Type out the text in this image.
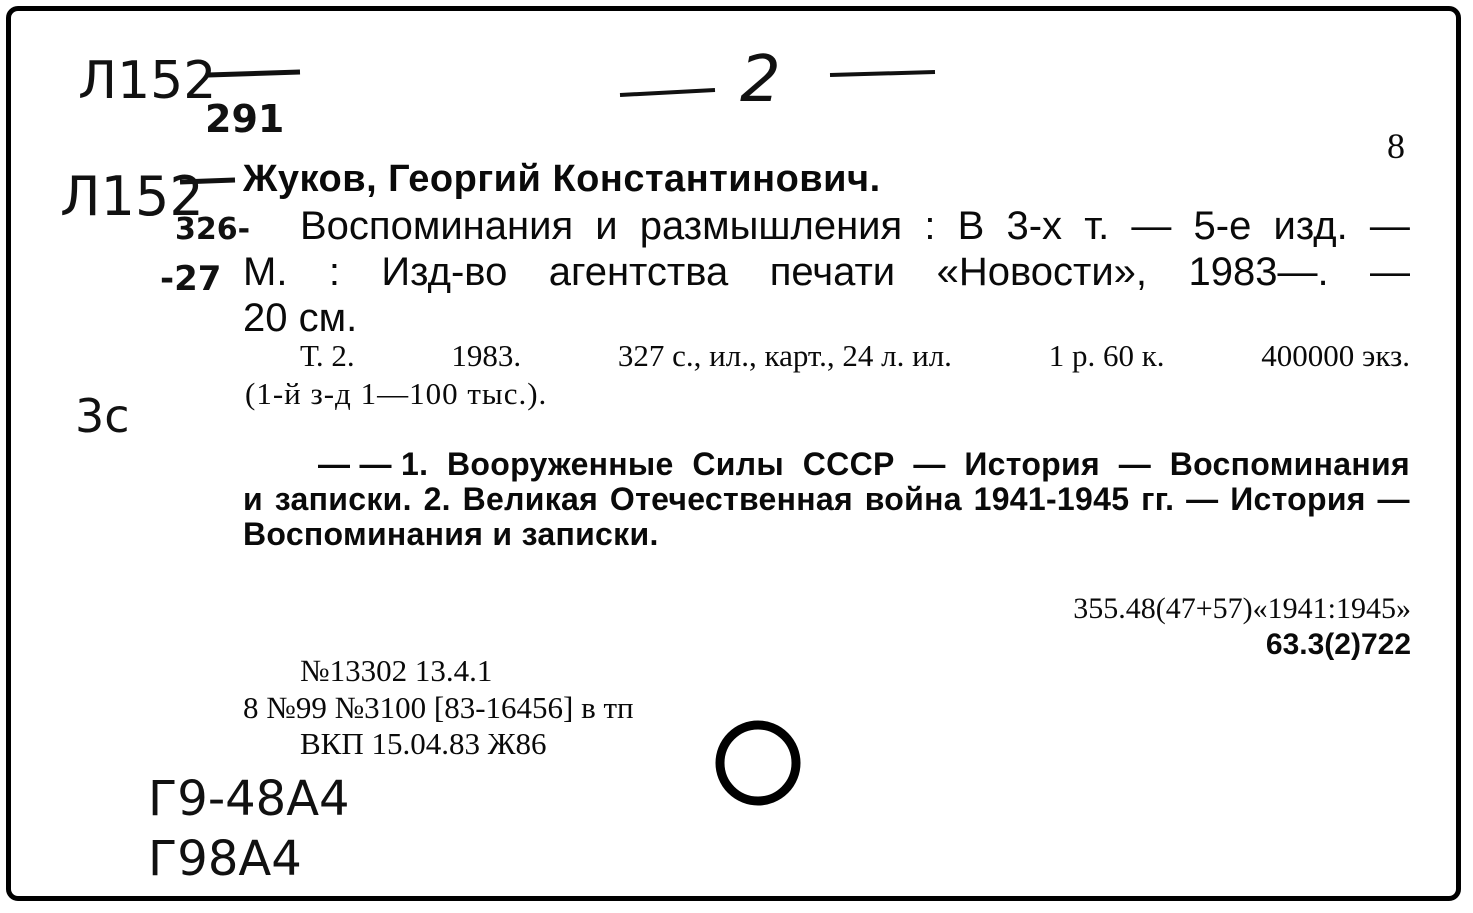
8
Л152
291
Л152
326-
-27
3с
2
Г9-48А4
Г98А4
Жуков, Георгий Константинович.
Воспоминания и размышления : В 3-х т. — 5-е изд. —
М. : Изд-во агентства печати «Новости», 1983—. —
20 см.
Т. 2.	1983.	327 с., ил., карт., 24 л. ил.	1 р. 60 к.	400000 экз.
(1-й з-д 1—100 тыс.).
— — 1. Вооруженные Силы СССР — История — Воспоминания
и записки. 2. Великая Отечественная война 1941-1945 гг. — История —
Воспоминания и записки.
355.48(47+57)«1941:1945»
63.3(2)722
№13302 13.4.1
8 №99 №3100 [83-16456] в тп
ВКП 15.04.83 Ж86
